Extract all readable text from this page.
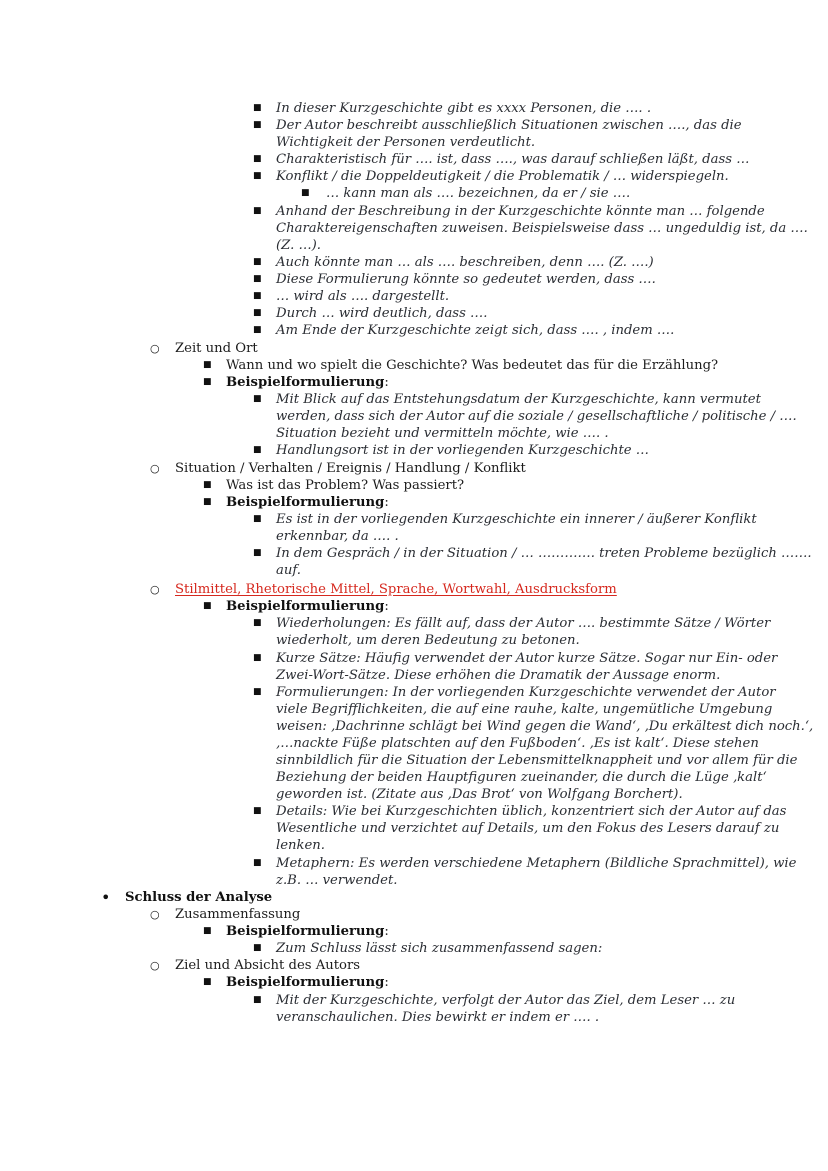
■ In dieser Kurzgeschichte gibt es xxxx Personen, die …. .

■ Der Autor beschreibt ausschließlich Situationen zwischen …., das die

Wichtigkeit der Personen verdeutlicht.

■ Charakteristisch für …. ist, dass …., was darauf schließen läßt, dass …

■ Konflikt / die Doppeldeutigkeit / die Problematik / … widerspiegeln.

■ … kann man als …. bezeichnen, da er / sie ….

■ Anhand der Beschreibung in der Kurzgeschichte könnte man … folgende

Charaktereigenschaften zuweisen. Beispielsweise dass … ungeduldig ist, da ….

(Z. …).

■ Auch könnte man … als …. beschreiben, denn …. (Z. ….)

■ Diese Formulierung könnte so gedeutet werden, dass ….

■ … wird als …. dargestellt.

■ Durch … wird deutlich, dass ….

■ Am Ende der Kurzgeschichte zeigt sich, dass …. , indem ….

○ Zeit und Ort

■ Wann und wo spielt die Geschichte? Was bedeutet das für die Erzählung?

■ Beispielformulierung:

■ Mit Blick auf das Entstehungsdatum der Kurzgeschichte, kann vermutet

werden, dass sich der Autor auf die soziale / gesellschaftliche / politische / ….

Situation bezieht und vermitteln möchte, wie …. .

■ Handlungsort ist in der vorliegenden Kurzgeschichte …

○ Situation / Verhalten / Ereignis / Handlung / Konflikt

■ Was ist das Problem? Was passiert?

■ Beispielformulierung:

■ Es ist in der vorliegenden Kurzgeschichte ein innerer / äußerer Konflikt

erkennbar, da …. .

■ In dem Gespräch / in der Situation / … …………. treten Probleme bezüglich …….

auf.

○ Stilmittel, Rhetorische Mittel, Sprache, Wortwahl, Ausdrucksform

■ Beispielformulierung:

■ Wiederholungen: Es fällt auf, dass der Autor …. bestimmte Sätze / Wörter

wiederholt, um deren Bedeutung zu betonen.

■ Kurze Sätze: Häufig verwendet der Autor kurze Sätze. Sogar nur Ein- oder

Zwei-Wort-Sätze. Diese erhöhen die Dramatik der Aussage enorm.

■ Formulierungen: In der vorliegenden Kurzgeschichte verwendet der Autor

viele Begrifflichkeiten, die auf eine rauhe, kalte, ungemütliche Umgebung

weisen: ‚Dachrinne schlägt bei Wind gegen die Wand‘, ‚Du erkältest dich noch.‘,

‚…nackte Füße platschten auf den Fußboden‘. ‚Es ist kalt‘. Diese stehen

sinnbildlich für die Situation der Lebensmittelknappheit und vor allem für die

Beziehung der beiden Hauptfiguren zueinander, die durch die Lüge ‚kalt‘

geworden ist. (Zitate aus ‚Das Brot‘ von Wolfgang Borchert).

■ Details: Wie bei Kurzgeschichten üblich, konzentriert sich der Autor auf das

Wesentliche und verzichtet auf Details, um den Fokus des Lesers darauf zu

lenken.

■ Metaphern: Es werden verschiedene Metaphern (Bildliche Sprachmittel), wie

z.B. … verwendet.

• Schluss der Analyse

○ Zusammenfassung

■ Beispielformulierung:

■ Zum Schluss lässt sich zusammenfassend sagen:

○ Ziel und Absicht des Autors

■ Beispielformulierung:

■ Mit der Kurzgeschichte, verfolgt der Autor das Ziel, dem Leser … zu

veranschaulichen. Dies bewirkt er indem er …. .
